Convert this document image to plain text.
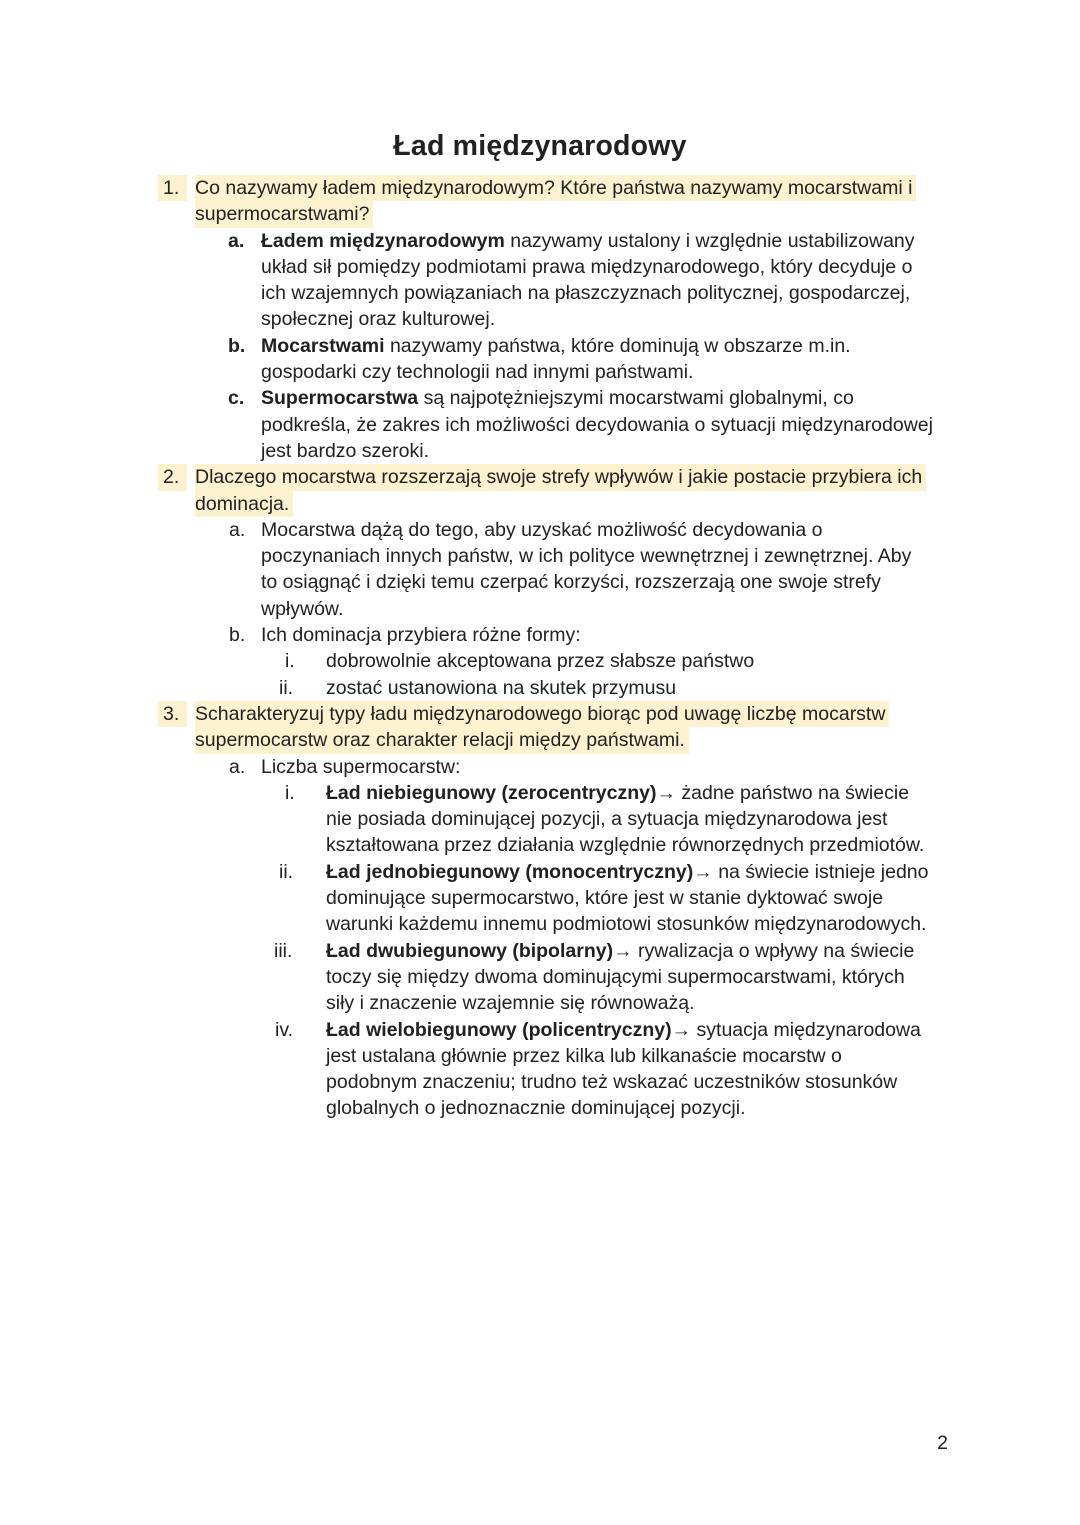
Ład międzynarodowy
1. Co nazywamy ładem międzynarodowym? Które państwa nazywamy mocarstwami i
supermocarstwami?
a. Ładem międzynarodowym nazywamy ustalony i względnie ustabilizowany
układ sił pomiędzy podmiotami prawa międzynarodowego, który decyduje o
ich wzajemnych powiązaniach na płaszczyznach politycznej, gospodarczej,
społecznej oraz kulturowej.
b. Mocarstwami nazywamy państwa, które dominują w obszarze m.in.
gospodarki czy technologii nad innymi państwami.
c. Supermocarstwa są najpotężniejszymi mocarstwami globalnymi, co
podkreśla, że zakres ich możliwości decydowania o sytuacji międzynarodowej
jest bardzo szeroki.
2. Dlaczego mocarstwa rozszerzają swoje strefy wpływów i jakie postacie przybiera ich
dominacja.
a. Mocarstwa dążą do tego, aby uzyskać możliwość decydowania o
poczynaniach innych państw, w ich polityce wewnętrznej i zewnętrznej. Aby
to osiągnąć i dzięki temu czerpać korzyści, rozszerzają one swoje strefy
wpływów.
b. Ich dominacja przybiera różne formy:
i. dobrowolnie akceptowana przez słabsze państwo
ii. zostać ustanowiona na skutek przymusu
3. Scharakteryzuj typy ładu międzynarodowego biorąc pod uwagę liczbę mocarstw
supermocarstw oraz charakter relacji między państwami.
a. Liczba supermocarstw:
i. Ład niebiegunowy (zerocentryczny)→ żadne państwo na świecie
nie posiada dominującej pozycji, a sytuacja międzynarodowa jest
kształtowana przez działania względnie równorzędnych przedmiotów.
ii. Ład jednobiegunowy (monocentryczny)→ na świecie istnieje jedno
dominujące supermocarstwo, które jest w stanie dyktować swoje
warunki każdemu innemu podmiotowi stosunków międzynarodowych.
iii. Ład dwubiegunowy (bipolarny)→ rywalizacja o wpływy na świecie
toczy się między dwoma dominującymi supermocarstwami, których
siły i znaczenie wzajemnie się równoważą.
iv. Ład wielobiegunowy (policentryczny)→ sytuacja międzynarodowa
jest ustalana głównie przez kilka lub kilkanaście mocarstw o
podobnym znaczeniu; trudno też wskazać uczestników stosunków
globalnych o jednoznacznie dominującej pozycji.
2
